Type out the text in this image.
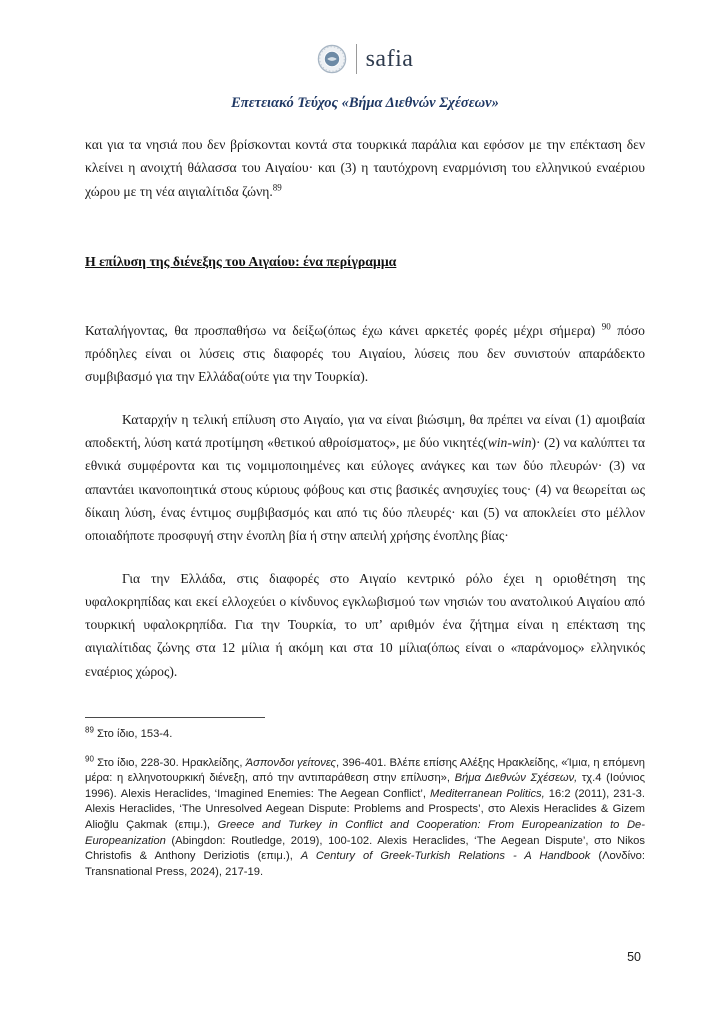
safia
Επετειακό Τεύχος «Βήμα Διεθνών Σχέσεων»

και για τα νησιά που δεν βρίσκονται κοντά στα τουρκικά παράλια και εφόσον με την επέκταση δεν κλείνει η ανοιχτή θάλασσα του Αιγαίου· και (3) η ταυτόχρονη εναρμόνιση του ελληνικού εναέριου χώρου με τη νέα αιγιαλίτιδα ζώνη.$^{89}$

Η επίλυση της διένεξης του Αιγαίου: ένα περίγραμμα

Καταλήγοντας, θα προσπαθήσω να δείξω(όπως έχω κάνει αρκετές φορές μέχρι σήμερα) $^{90}$ πόσο πρόδηλες είναι οι λύσεις στις διαφορές του Αιγαίου, λύσεις που δεν συνιστούν απαράδεκτο συμβιβασμό για την Ελλάδα(ούτε για την Τουρκία).

Καταρχήν η τελική επίλυση στο Αιγαίο, για να είναι βιώσιμη, θα πρέπει να είναι (1) αμοιβαία αποδεκτή, λύση κατά προτίμηση «θετικού αθροίσματος», με δύο νικητές(win-win)· (2) να καλύπτει τα εθνικά συμφέροντα και τις νομιμοποιημένες και εύλογες ανάγκες και των δύο πλευρών· (3) να απαντάει ικανοποιητικά στους κύριους φόβους και στις βασικές ανησυχίες τους· (4) να θεωρείται ως δίκαιη λύση, ένας έντιμος συμβιβασμός και από τις δύο πλευρές· και (5) να αποκλείει στο μέλλον οποιαδήποτε προσφυγή στην ένοπλη βία ή στην απειλή χρήσης ένοπλης βίας·

Για την Ελλάδα, στις διαφορές στο Αιγαίο κεντρικό ρόλο έχει η οριοθέτηση της υφαλοκρηπίδας και εκεί ελλοχεύει ο κίνδυνος εγκλωβισμού των νησιών του ανατολικού Αιγαίου από τουρκική υφαλοκρηπίδα. Για την Τουρκία, το υπ’ αριθμόν ένα ζήτημα είναι η επέκταση της αιγιαλίτιδας ζώνης στα 12 μίλια ή ακόμη και στα 10 μίλια(όπως είναι ο «παράνομος» ελληνικός εναέριος χώρος).

$^{89}$ Στο ίδιο, 153-4.

$^{90}$ Στο ίδιο, 228-30. Ηρακλείδης, Άσπονδοι γείτονες, 396-401. Βλέπε επίσης Αλέξης Ηρακλείδης, «Ίμια, η επόμενη μέρα: η ελληνοτουρκική διένεξη, από την αντιπαράθεση στην επίλυση», Βήμα Διεθνών Σχέσεων, τχ.4 (Ιούνιος 1996). Alexis Heraclides, ‘Imagined Enemies: The Aegean Conflict’, Mediterranean Politics, 16:2 (2011), 231-3. Alexis Heraclides, ‘The Unresolved Aegean Dispute: Problems and Prospects’, στο Alexis Heraclides & Gizem Alioğlu Çakmak (επιμ.), Greece and Turkey in Conflict and Cooperation: From Europeanization to De-Europeanization (Abingdon: Routledge, 2019), 100-102. Alexis Heraclides, ‘The Aegean Dispute’, στο Nikos Christofis & Anthony Deriziotis (επιμ.), A Century of Greek-Turkish Relations - A Handbook (Λονδίνο: Transnational Press, 2024), 217-19.

50
